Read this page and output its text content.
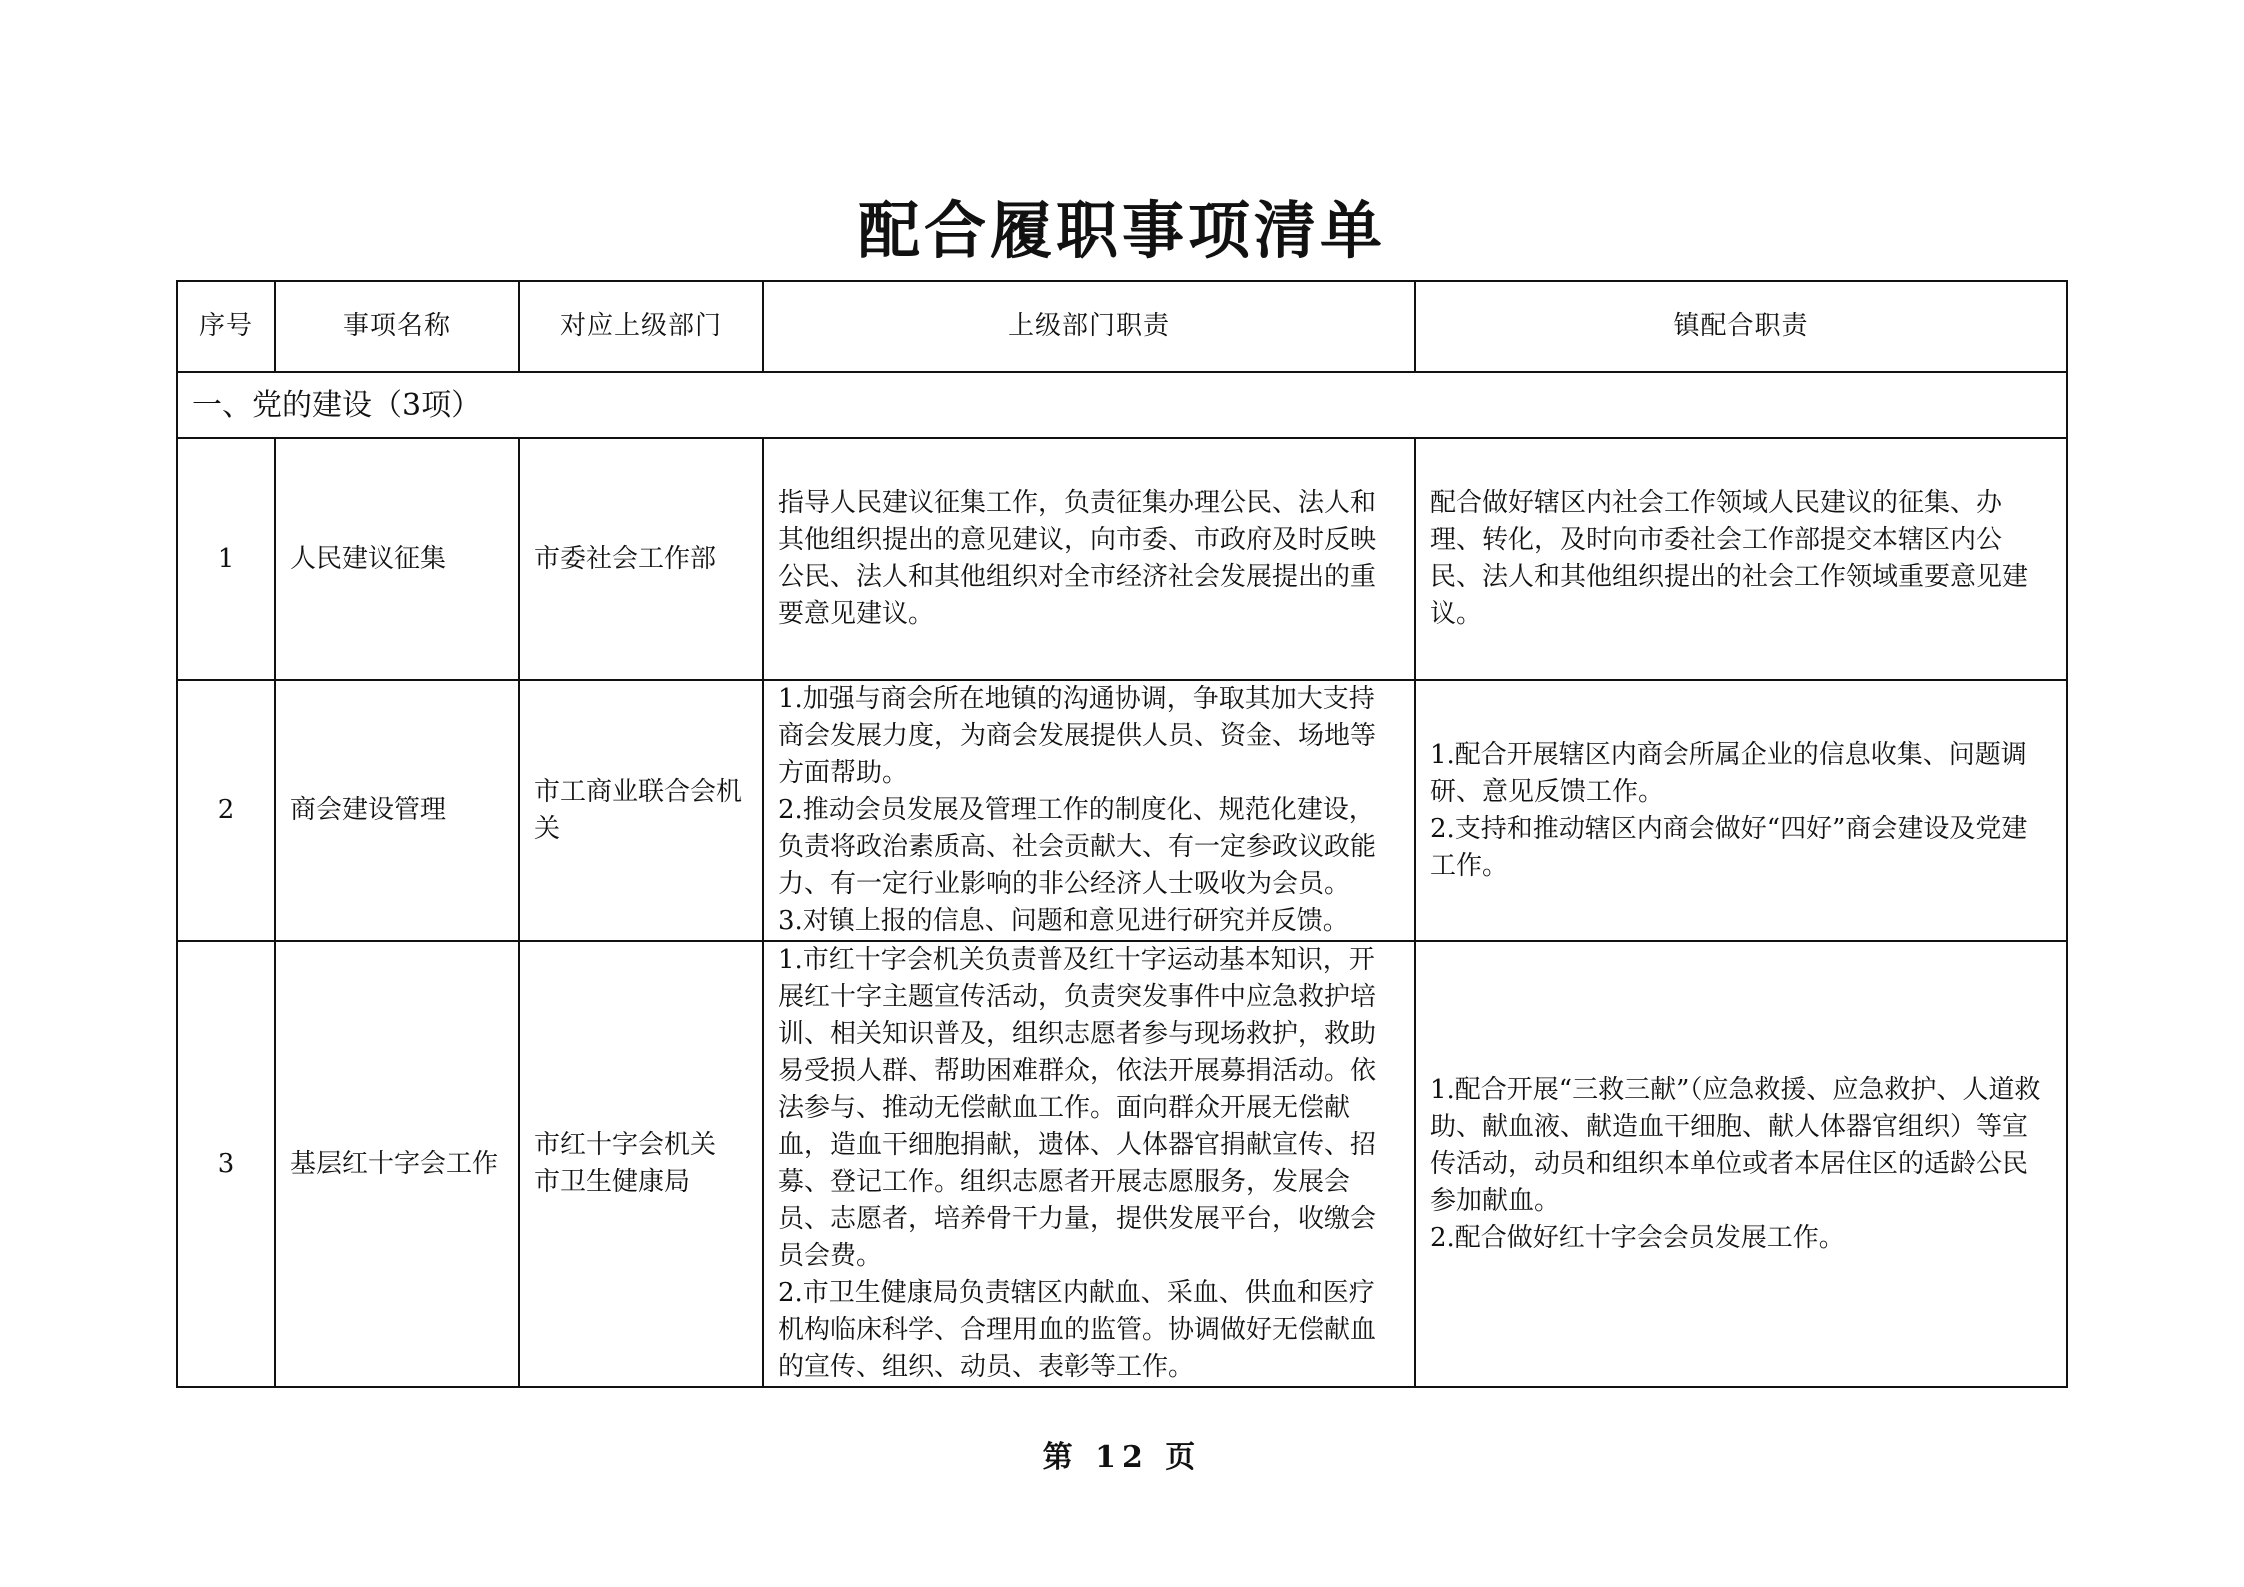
配合履职事项清单
序号	事项名称	对应上级部门	上级部门职责	镇配合职责
一、党的建设（3项）				
1	人民建议征集	市委社会工作部	指导人民建议征集工作，负责征集办理公民、法人和其他组织提出的意见建议，向市委、市政府及时反映公民、法人和其他组织对全市经济社会发展提出的重要意见建议。	配合做好辖区内社会工作领域人民建议的征集、办理、转化，及时向市委社会工作部提交本辖区内公民、法人和其他组织提出的社会工作领域重要意见建议。

2	商会建设管理	市工商业联合会机关	1.加强与商会所在地镇的沟通协调，争取其加大支持商会发展力度，为商会发展提供人员、资金、场地等方面帮助。
2.推动会员发展及管理工作的制度化、规范化建设，负责将政治素质高、社会贡献大、有一定参政议政能力、有一定行业影响的非公经济人士吸收为会员。
3.对镇上报的信息、问题和意见进行研究并反馈。	1.配合开展辖区内商会所属企业的信息收集、问题调研、意见反馈工作。
2.支持和推动辖区内商会做好“四好”商会建设及党建工作。

3	基层红十字会工作	市红十字会机关
市卫生健康局	1.市红十字会机关负责普及红十字运动基本知识，开展红十字主题宣传活动，负责突发事件中应急救护培训、相关知识普及，组织志愿者参与现场救护，救助易受损人群、帮助困难群众，依法开展募捐活动。依法参与、推动无偿献血工作。面向群众开展无偿献血，造血干细胞捐献，遗体、人体器官捐献宣传、招募、登记工作。组织志愿者开展志愿服务，发展会员、志愿者，培养骨干力量，提供发展平台，收缴会员会费。
2.市卫生健康局负责辖区内献血、采血、供血和医疗机构临床科学、合理用血的监管。协调做好无偿献血的宣传、组织、动员、表彰等工作。	1.配合开展“三救三献”（应急救援、应急救护、人道救助、献血液、献造血干细胞、献人体器官组织）等宣传活动，动员和组织本单位或者本居住区的适龄公民参加献血。
2.配合做好红十字会会员发展工作。
第 12 页
